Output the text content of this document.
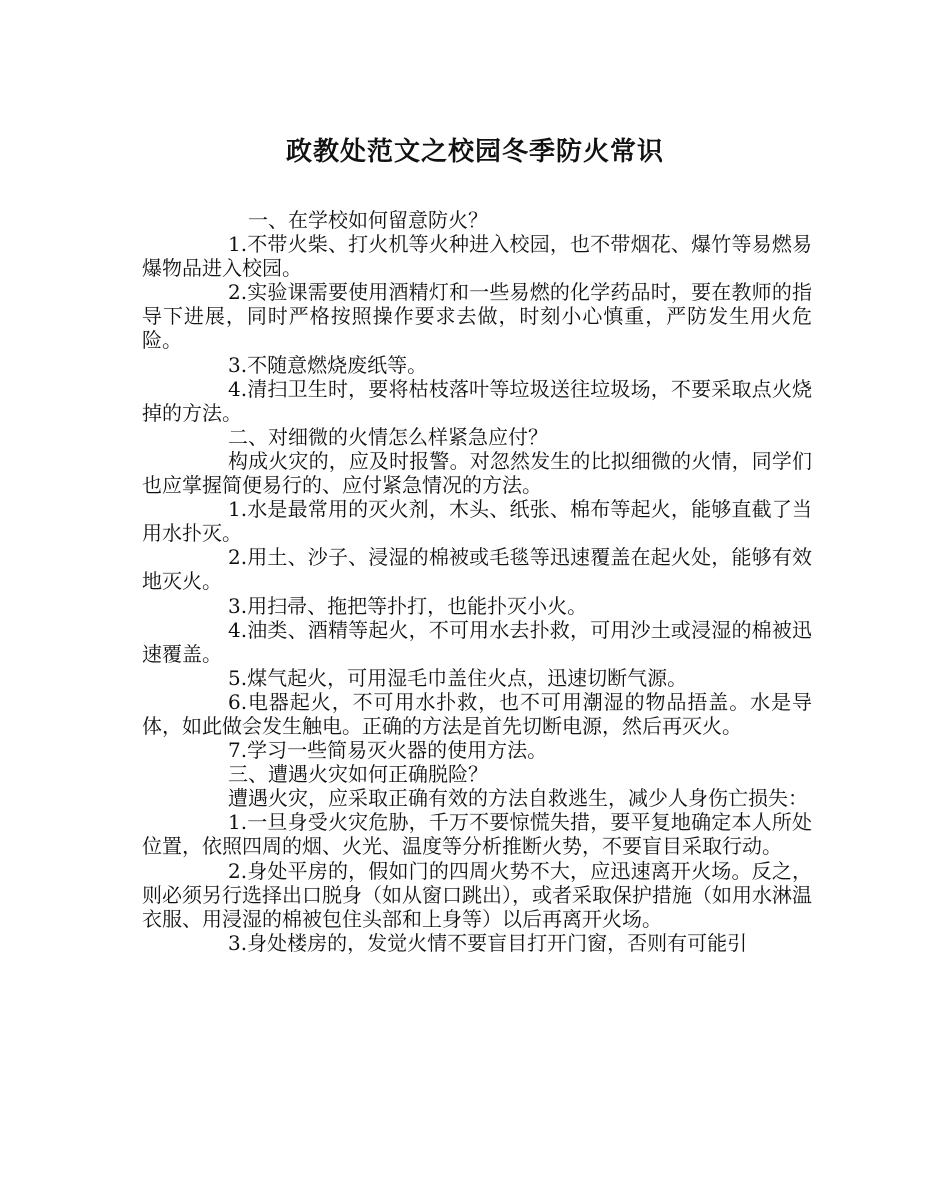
政教处范文之校园冬季防火常识

一、在学校如何留意防火？

1.不带火柴、打火机等火种进入校园，也不带烟花、爆竹等易燃易爆物品进入校园。

2.实验课需要使用酒精灯和一些易燃的化学药品时，要在教师的指导下进展，同时严格按照操作要求去做，时刻小心慎重，严防发生用火危险。

3.不随意燃烧废纸等。

4.清扫卫生时，要将枯枝落叶等垃圾送往垃圾场，不要采取点火烧掉的方法。

二、对细微的火情怎么样紧急应付？

构成火灾的，应及时报警。对忽然发生的比拟细微的火情，同学们也应掌握简便易行的、应付紧急情况的方法。

1.水是最常用的灭火剂，木头、纸张、棉布等起火，能够直截了当用水扑灭。

2.用土、沙子、浸湿的棉被或毛毯等迅速覆盖在起火处，能够有效地灭火。

3.用扫帚、拖把等扑打，也能扑灭小火。

4.油类、酒精等起火，不可用水去扑救，可用沙土或浸湿的棉被迅速覆盖。

5.煤气起火，可用湿毛巾盖住火点，迅速切断气源。

6.电器起火，不可用水扑救，也不可用潮湿的物品捂盖。水是导体，如此做会发生触电。正确的方法是首先切断电源，然后再灭火。

7.学习一些简易灭火器的使用方法。

三、遭遇火灾如何正确脱险？

遭遇火灾，应采取正确有效的方法自救逃生，减少人身伤亡损失：

1.一旦身受火灾危胁，千万不要惊慌失措，要平复地确定本人所处位置，依照四周的烟、火光、温度等分析推断火势，不要盲目采取行动。

2.身处平房的，假如门的四周火势不大，应迅速离开火场。反之，则必须另行选择出口脱身（如从窗口跳出），或者采取保护措施（如用水淋温衣服、用浸湿的棉被包住头部和上身等）以后再离开火场。

3.身处楼房的，发觉火情不要盲目打开门窗，否则有可能引
